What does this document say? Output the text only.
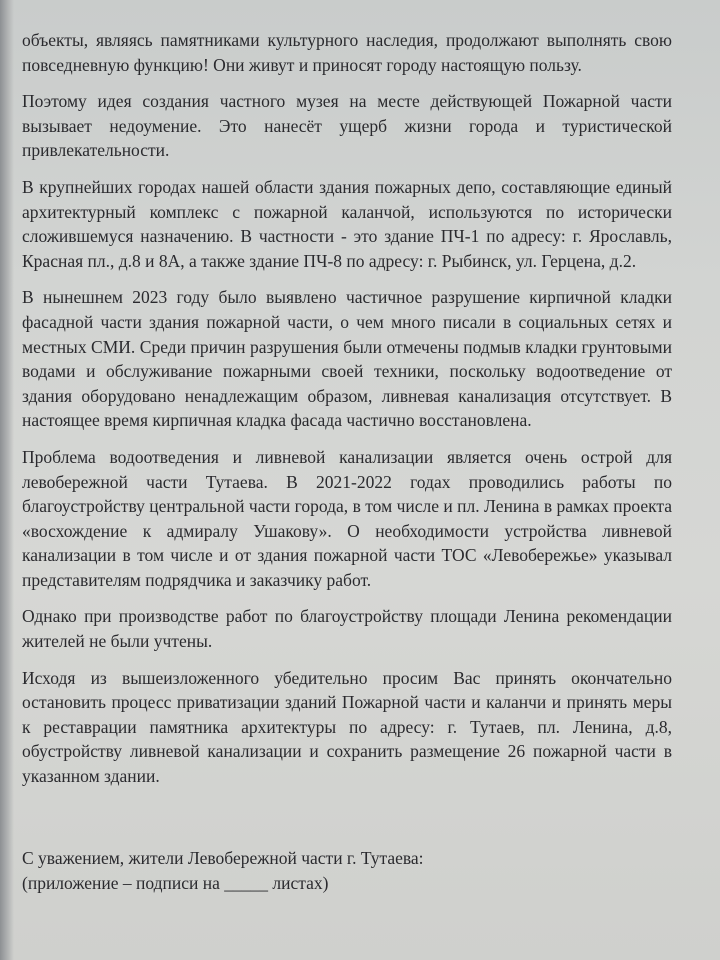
объекты, являясь памятниками культурного наследия, продолжают выполнять свою повседневную функцию! Они живут и приносят городу настоящую пользу.

Поэтому идея создания частного музея на месте действующей Пожарной части вызывает недоумение. Это нанесёт ущерб жизни города и туристической привлекательности.

В крупнейших городах нашей области здания пожарных депо, составляющие единый архитектурный комплекс с пожарной каланчой, используются по исторически сложившемуся назначению. В частности - это здание ПЧ-1 по адресу: г. Ярославль, Красная пл., д.8 и 8А, а также здание ПЧ-8 по адресу: г. Рыбинск, ул. Герцена, д.2.

В нынешнем 2023 году было выявлено частичное разрушение кирпичной кладки фасадной части здания пожарной части, о чем много писали в социальных сетях и местных СМИ. Среди причин разрушения были отмечены подмыв кладки грунтовыми водами и обслуживание пожарными своей техники, поскольку водоотведение от здания оборудовано ненадлежащим образом, ливневая канализация отсутствует. В настоящее время кирпичная кладка фасада частично восстановлена.

Проблема водоотведения и ливневой канализации является очень острой для левобережной части Тутаева. В 2021-2022 годах проводились работы по благоустройству центральной части города, в том числе и пл. Ленина в рамках проекта «восхождение к адмиралу Ушакову». О необходимости устройства ливневой канализации в том числе и от здания пожарной части ТОС «Левобережье» указывал представителям подрядчика и заказчику работ.

Однако при производстве работ по благоустройству площади Ленина рекомендации жителей не были учтены.

Исходя из вышеизложенного убедительно просим Вас принять окончательно остановить процесс приватизации зданий Пожарной части и каланчи и принять меры к реставрации памятника архитектуры по адресу: г. Тутаев, пл. Ленина, д.8, обустройству ливневой канализации и сохранить размещение 26 пожарной части в указанном здании.

С уважением, жители Левобережной части г. Тутаева:
(приложение – подписи на _____ листах)
